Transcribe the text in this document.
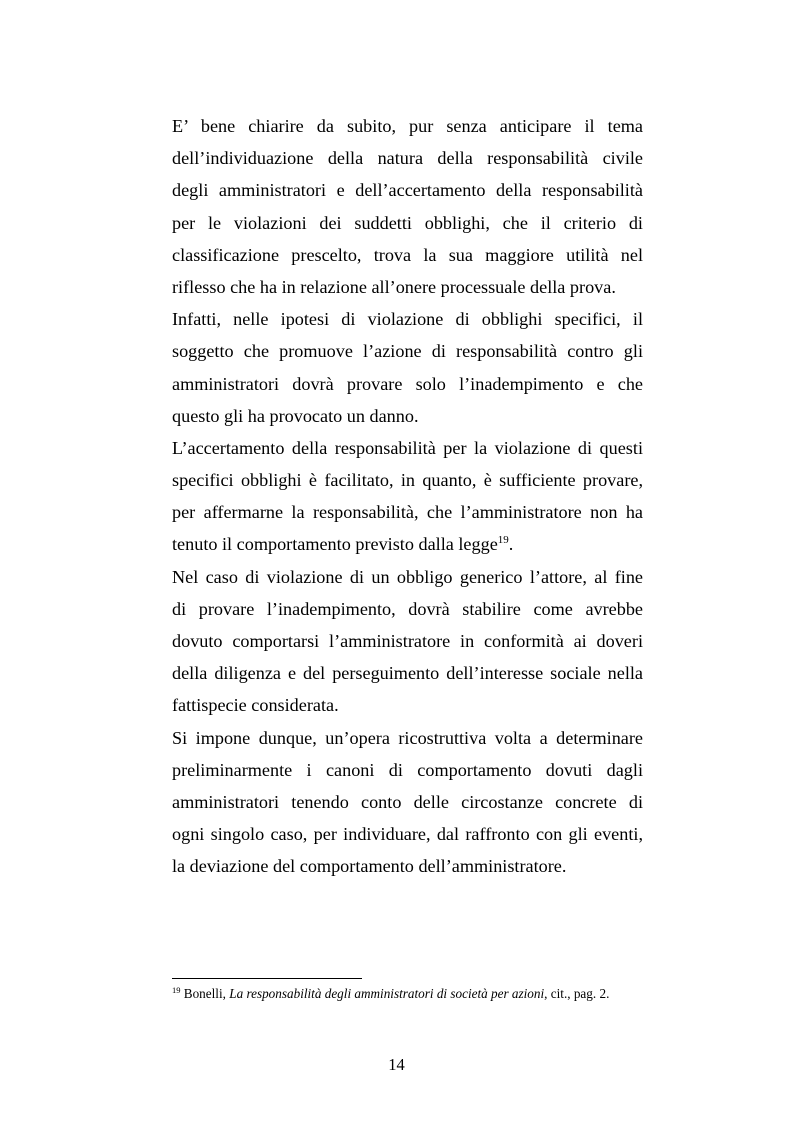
E’ bene chiarire da subito, pur senza anticipare il tema
dell’individuazione della natura della responsabilità civile
degli amministratori e dell’accertamento della responsabilità
per le violazioni dei suddetti obblighi, che il criterio di
classificazione prescelto, trova la sua maggiore utilità nel
riflesso che ha in relazione all’onere processuale della prova.
Infatti, nelle ipotesi di violazione di obblighi specifici, il
soggetto che promuove l’azione di responsabilità contro gli
amministratori dovrà provare solo l’inadempimento e che
questo gli ha provocato un danno.
L’accertamento della responsabilità per la violazione di questi
specifici obblighi è facilitato, in quanto, è sufficiente provare,
per affermarne la responsabilità, che l’amministratore non ha
tenuto il comportamento previsto dalla legge$^{19}$.
Nel caso di violazione di un obbligo generico l’attore, al fine
di provare l’inadempimento, dovrà stabilire come avrebbe
dovuto comportarsi l’amministratore in conformità ai doveri
della diligenza e del perseguimento dell’interesse sociale nella
fattispecie considerata.
Si impone dunque, un’opera ricostruttiva volta a determinare
preliminarmente i canoni di comportamento dovuti dagli
amministratori tenendo conto delle circostanze concrete di
ogni singolo caso, per individuare, dal raffronto con gli eventi,
la deviazione del comportamento dell’amministratore.
$^{19}$ Bonelli, La responsabilità degli amministratori di società per azioni, cit., pag. 2.
14
